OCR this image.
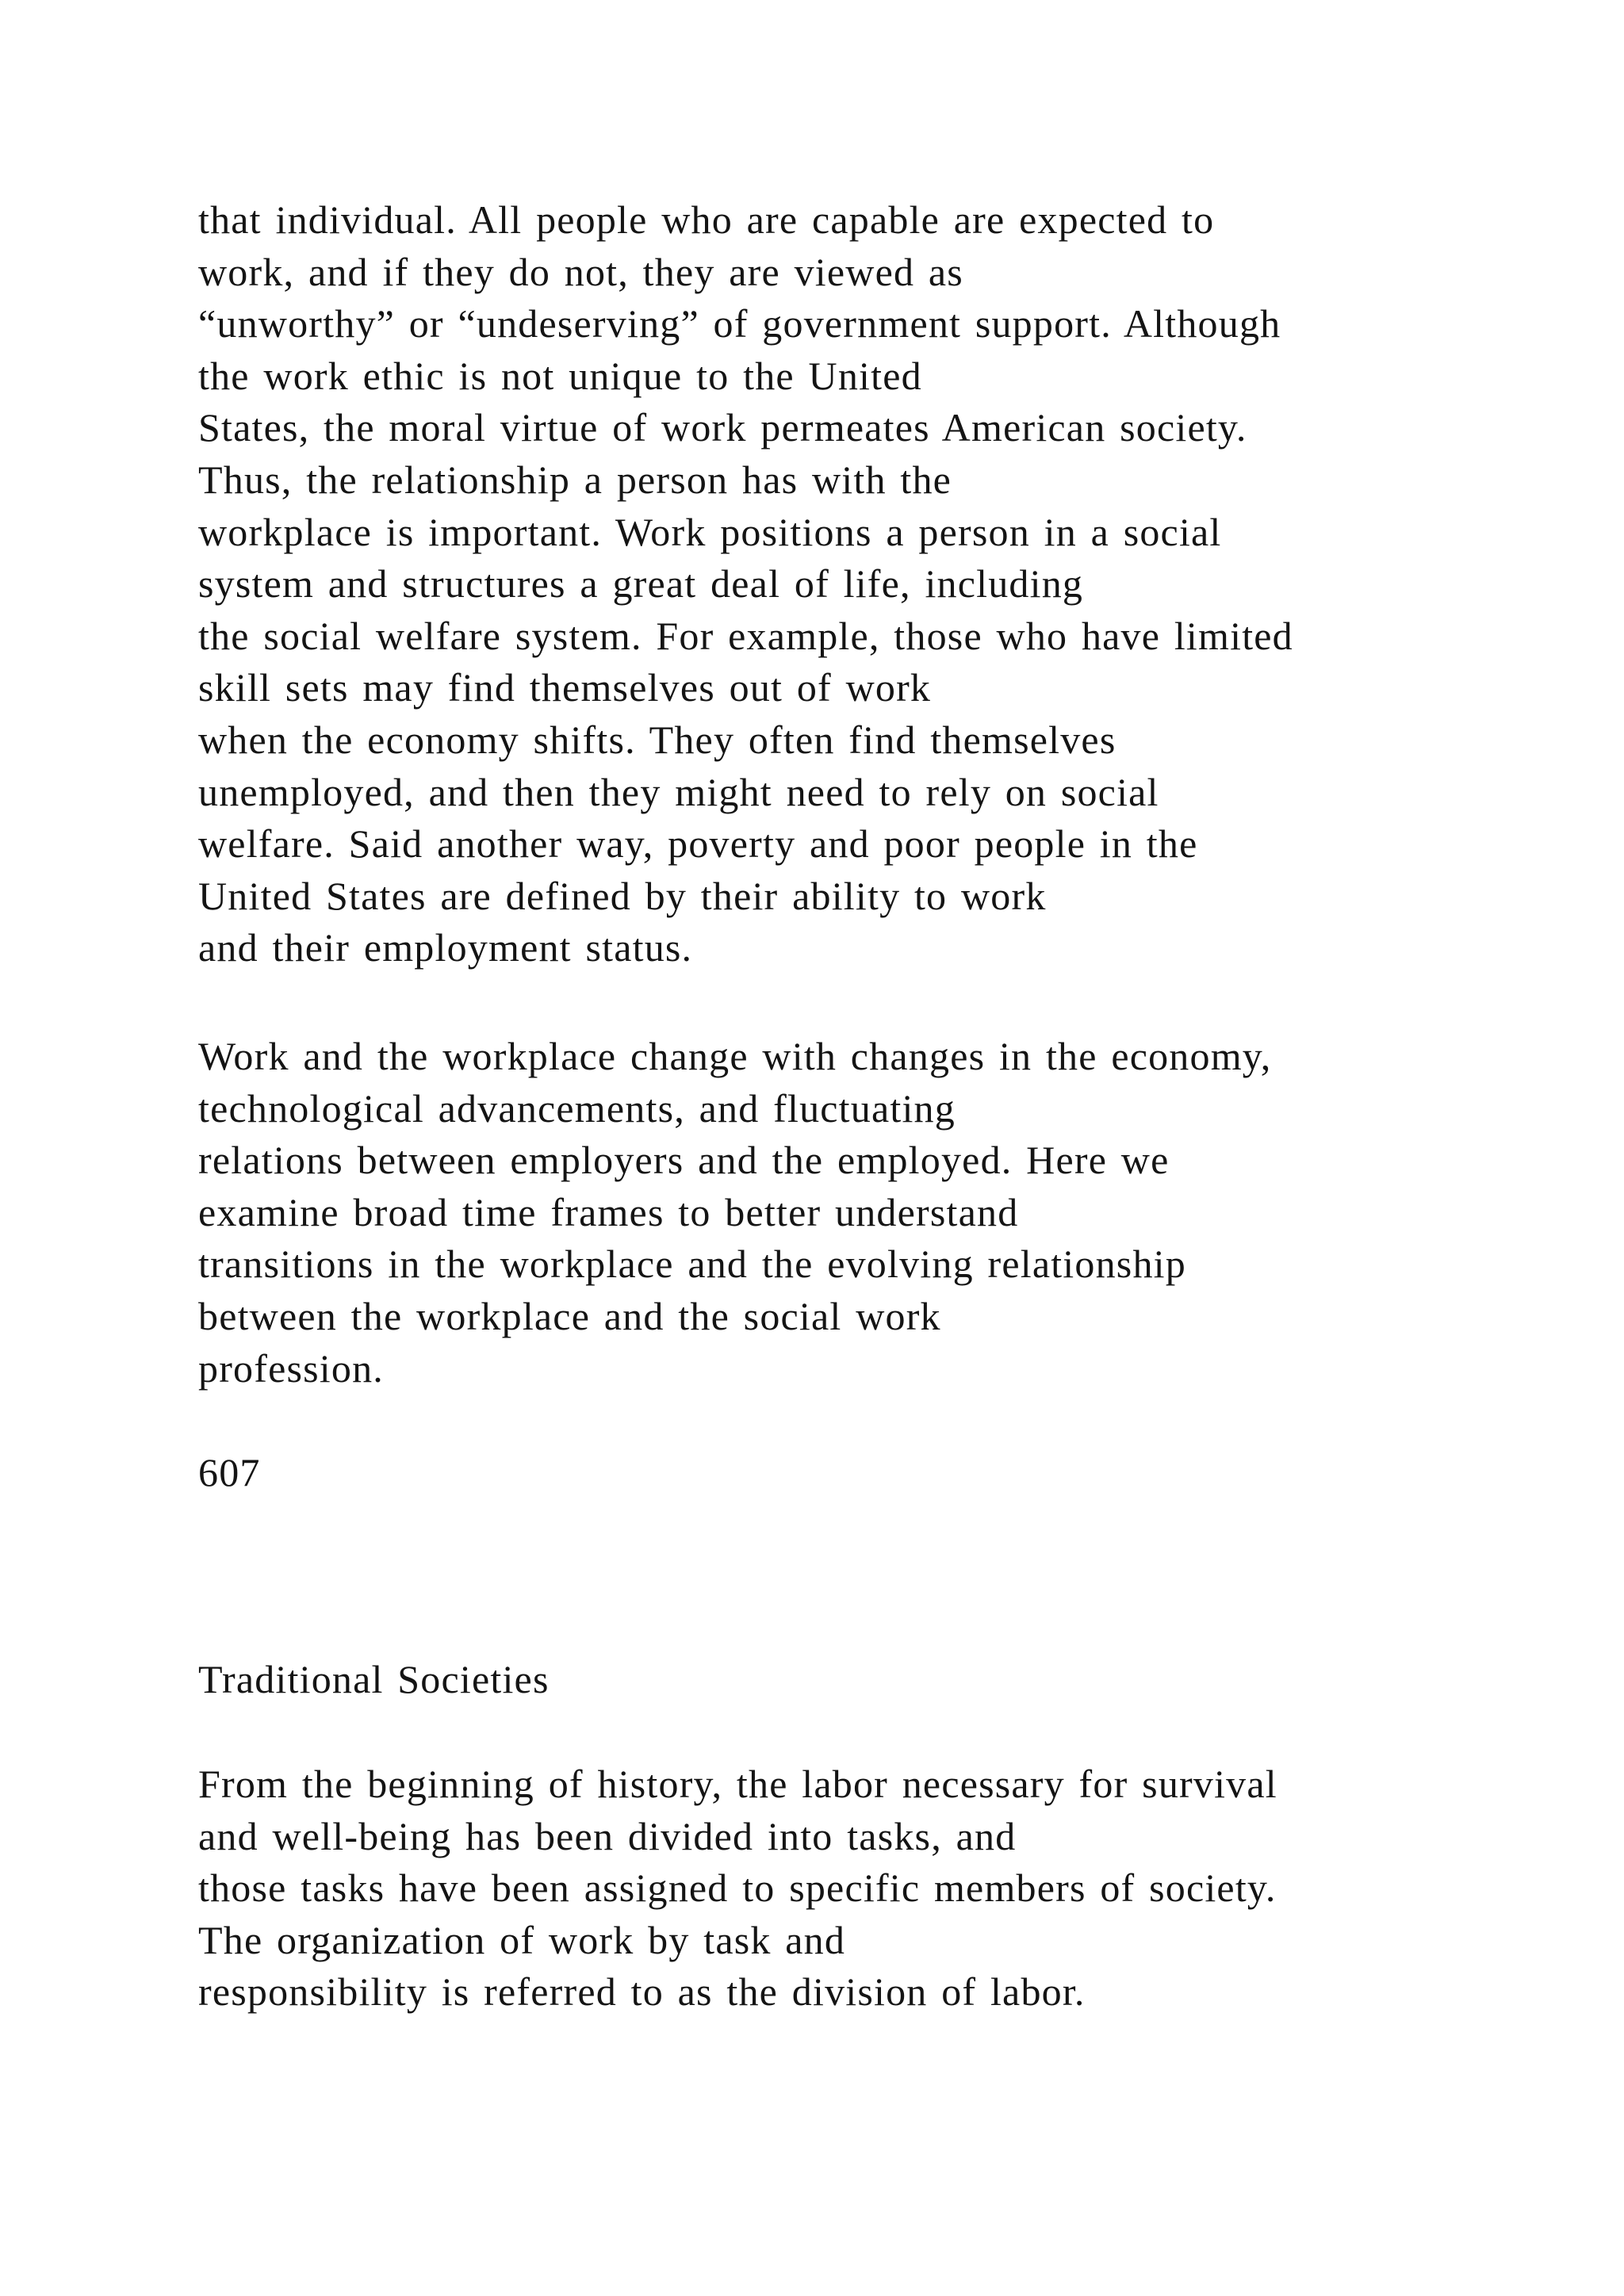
that individual. All people who are capable are expected to
work, and if they do not, they are viewed as
“unworthy” or “undeserving” of government support. Although
the work ethic is not unique to the United
States, the moral virtue of work permeates American society.
Thus, the relationship a person has with the
workplace is important. Work positions a person in a social
system and structures a great deal of life, including
the social welfare system. For example, those who have limited
skill sets may find themselves out of work
when the economy shifts. They often find themselves
unemployed, and then they might need to rely on social
welfare. Said another way, poverty and poor people in the
United States are defined by their ability to work
and their employment status.
Work and the workplace change with changes in the economy,
technological advancements, and fluctuating
relations between employers and the employed. Here we
examine broad time frames to better understand
transitions in the workplace and the evolving relationship
between the workplace and the social work
profession.
607
Traditional Societies
From the beginning of history, the labor necessary for survival
and well-being has been divided into tasks, and
those tasks have been assigned to specific members of society.
The organization of work by task and
responsibility is referred to as the division of labor.
